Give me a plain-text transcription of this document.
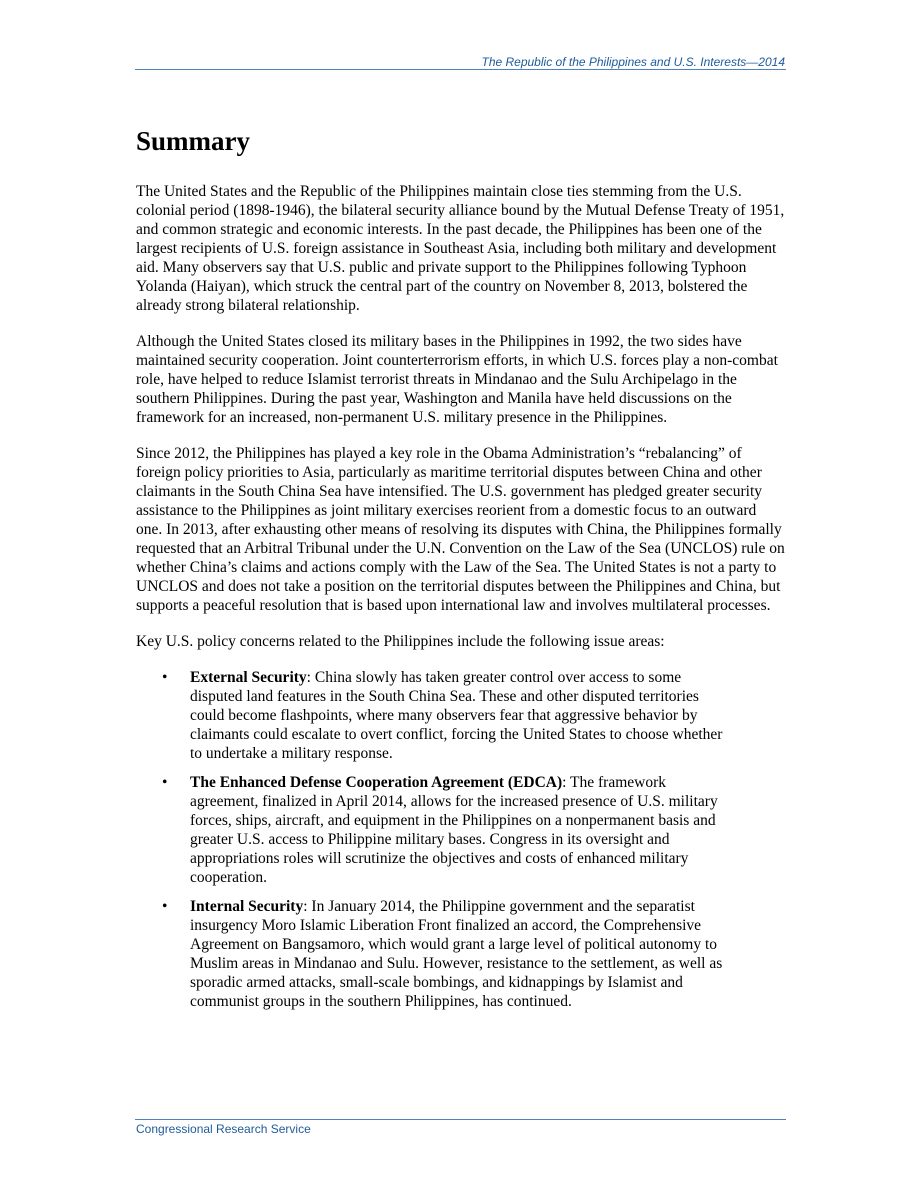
The Republic of the Philippines and U.S. Interests—2014
Summary

The United States and the Republic of the Philippines maintain close ties stemming from the U.S. colonial period (1898-1946), the bilateral security alliance bound by the Mutual Defense Treaty of 1951, and common strategic and economic interests. In the past decade, the Philippines has been one of the largest recipients of U.S. foreign assistance in Southeast Asia, including both military and development aid. Many observers say that U.S. public and private support to the Philippines following Typhoon Yolanda (Haiyan), which struck the central part of the country on November 8, 2013, bolstered the already strong bilateral relationship.

Although the United States closed its military bases in the Philippines in 1992, the two sides have maintained security cooperation. Joint counterterrorism efforts, in which U.S. forces play a non-combat role, have helped to reduce Islamist terrorist threats in Mindanao and the Sulu Archipelago in the southern Philippines. During the past year, Washington and Manila have held discussions on the framework for an increased, non-permanent U.S. military presence in the Philippines.

Since 2012, the Philippines has played a key role in the Obama Administration’s “rebalancing” of foreign policy priorities to Asia, particularly as maritime territorial disputes between China and other claimants in the South China Sea have intensified. The U.S. government has pledged greater security assistance to the Philippines as joint military exercises reorient from a domestic focus to an outward one. In 2013, after exhausting other means of resolving its disputes with China, the Philippines formally requested that an Arbitral Tribunal under the U.N. Convention on the Law of the Sea (UNCLOS) rule on whether China’s claims and actions comply with the Law of the Sea. The United States is not a party to UNCLOS and does not take a position on the territorial disputes between the Philippines and China, but supports a peaceful resolution that is based upon international law and involves multilateral processes.

Key U.S. policy concerns related to the Philippines include the following issue areas:

• External Security: China slowly has taken greater control over access to some disputed land features in the South China Sea. These and other disputed territories could become flashpoints, where many observers fear that aggressive behavior by claimants could escalate to overt conflict, forcing the United States to choose whether to undertake a military response.
• The Enhanced Defense Cooperation Agreement (EDCA): The framework agreement, finalized in April 2014, allows for the increased presence of U.S. military forces, ships, aircraft, and equipment in the Philippines on a nonpermanent basis and greater U.S. access to Philippine military bases. Congress in its oversight and appropriations roles will scrutinize the objectives and costs of enhanced military cooperation.
• Internal Security: In January 2014, the Philippine government and the separatist insurgency Moro Islamic Liberation Front finalized an accord, the Comprehensive Agreement on Bangsamoro, which would grant a large level of political autonomy to Muslim areas in Mindanao and Sulu. However, resistance to the settlement, as well as sporadic armed attacks, small-scale bombings, and kidnappings by Islamist and communist groups in the southern Philippines, has continued.
Congressional Research Service
